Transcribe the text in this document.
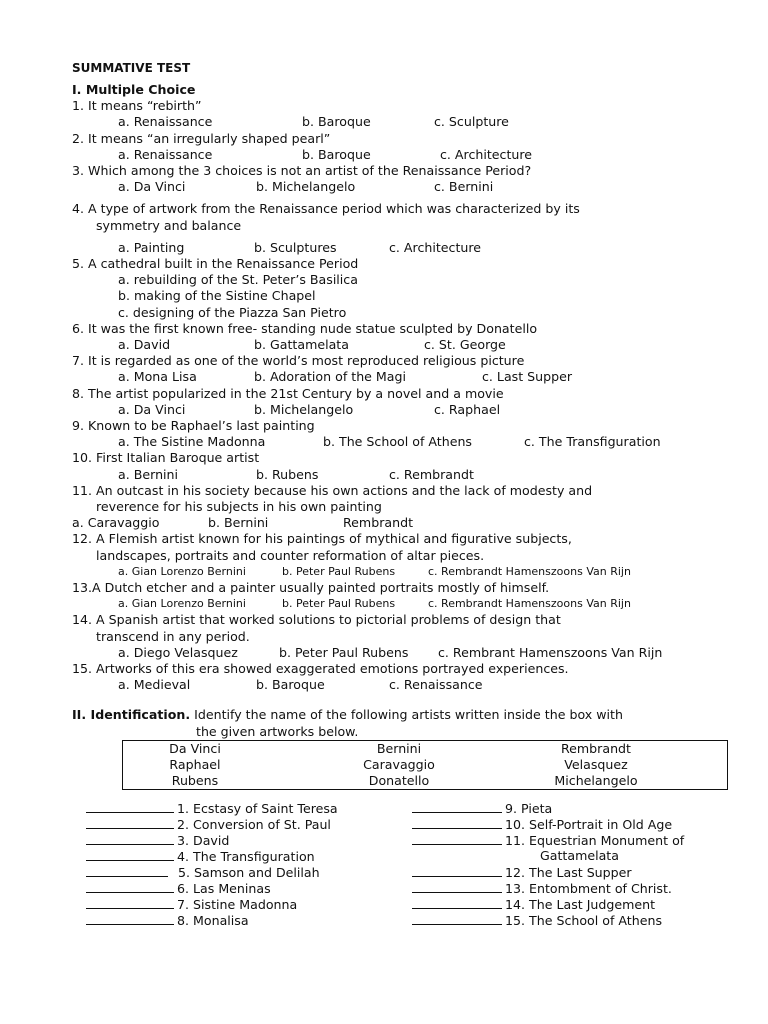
SUMMATIVE TEST
I. Multiple Choice
1. It means “rebirth”
a. Renaissance	b. Baroque	c. Sculpture
2. It means “an irregularly shaped pearl”
a. Renaissance	b. Baroque	c. Architecture
3. Which among the 3 choices is not an artist of the Renaissance Period?
a. Da Vinci	b. Michelangelo	c. Bernini
4. A type of artwork from the Renaissance period which was characterized by its
symmetry and balance
a. Painting	b. Sculptures	c. Architecture
5. A cathedral built in the Renaissance Period
a. rebuilding of the St. Peter’s Basilica
b. making of the Sistine Chapel
c. designing of the Piazza San Pietro
6. It was the first known free- standing nude statue sculpted by Donatello
a. David	b. Gattamelata	c. St. George
7. It is regarded as one of the world’s most reproduced religious picture
a. Mona Lisa	b. Adoration of the Magi	c. Last Supper
8. The artist popularized in the 21st Century by a novel and a movie
a. Da Vinci	b. Michelangelo	c. Raphael
9. Known to be Raphael’s last painting
a. The Sistine Madonna	b. The School of Athens	c. The Transfiguration
10. First Italian Baroque artist
a. Bernini	b. Rubens	c. Rembrandt
11. An outcast in his society because his own actions and the lack of modesty and
reverence for his subjects in his own painting
a. Caravaggio	b. Bernini	Rembrandt
12. A Flemish artist known for his paintings of mythical and figurative subjects,
landscapes, portraits and counter reformation of altar pieces.
a. Gian Lorenzo Bernini	b. Peter Paul Rubens	c. Rembrandt Hamenszoons Van Rijn
13.A Dutch etcher and a painter usually painted portraits mostly of himself.
a. Gian Lorenzo Bernini	b. Peter Paul Rubens	c. Rembrandt Hamenszoons Van Rijn
14. A Spanish artist that worked solutions to pictorial problems of design that
transcend in any period.
a. Diego Velasquez	b. Peter Paul Rubens c. Rembrant Hamenszoons Van Rijn
15. Artworks of this era showed exaggerated emotions portrayed experiences.
a. Medieval	b. Baroque	c. Renaissance
II. Identification. Identify the name of the following artists written inside the box with
the given artworks below.
Da Vinci	Bernini	Rembrandt
Raphael	Caravaggio	Velasquez
Rubens	Donatello	Michelangelo
1. Ecstasy of Saint Teresa
2. Conversion of St. Paul
3. David
4. The Transfiguration
5. Samson and Delilah
6. Las Meninas
7. Sistine Madonna
8. Monalisa
9. Pieta
10. Self-Portrait in Old Age
11. Equestrian Monument of
Gattamelata
12. The Last Supper
13. Entombment of Christ.
14. The Last Judgement
15. The School of Athens
